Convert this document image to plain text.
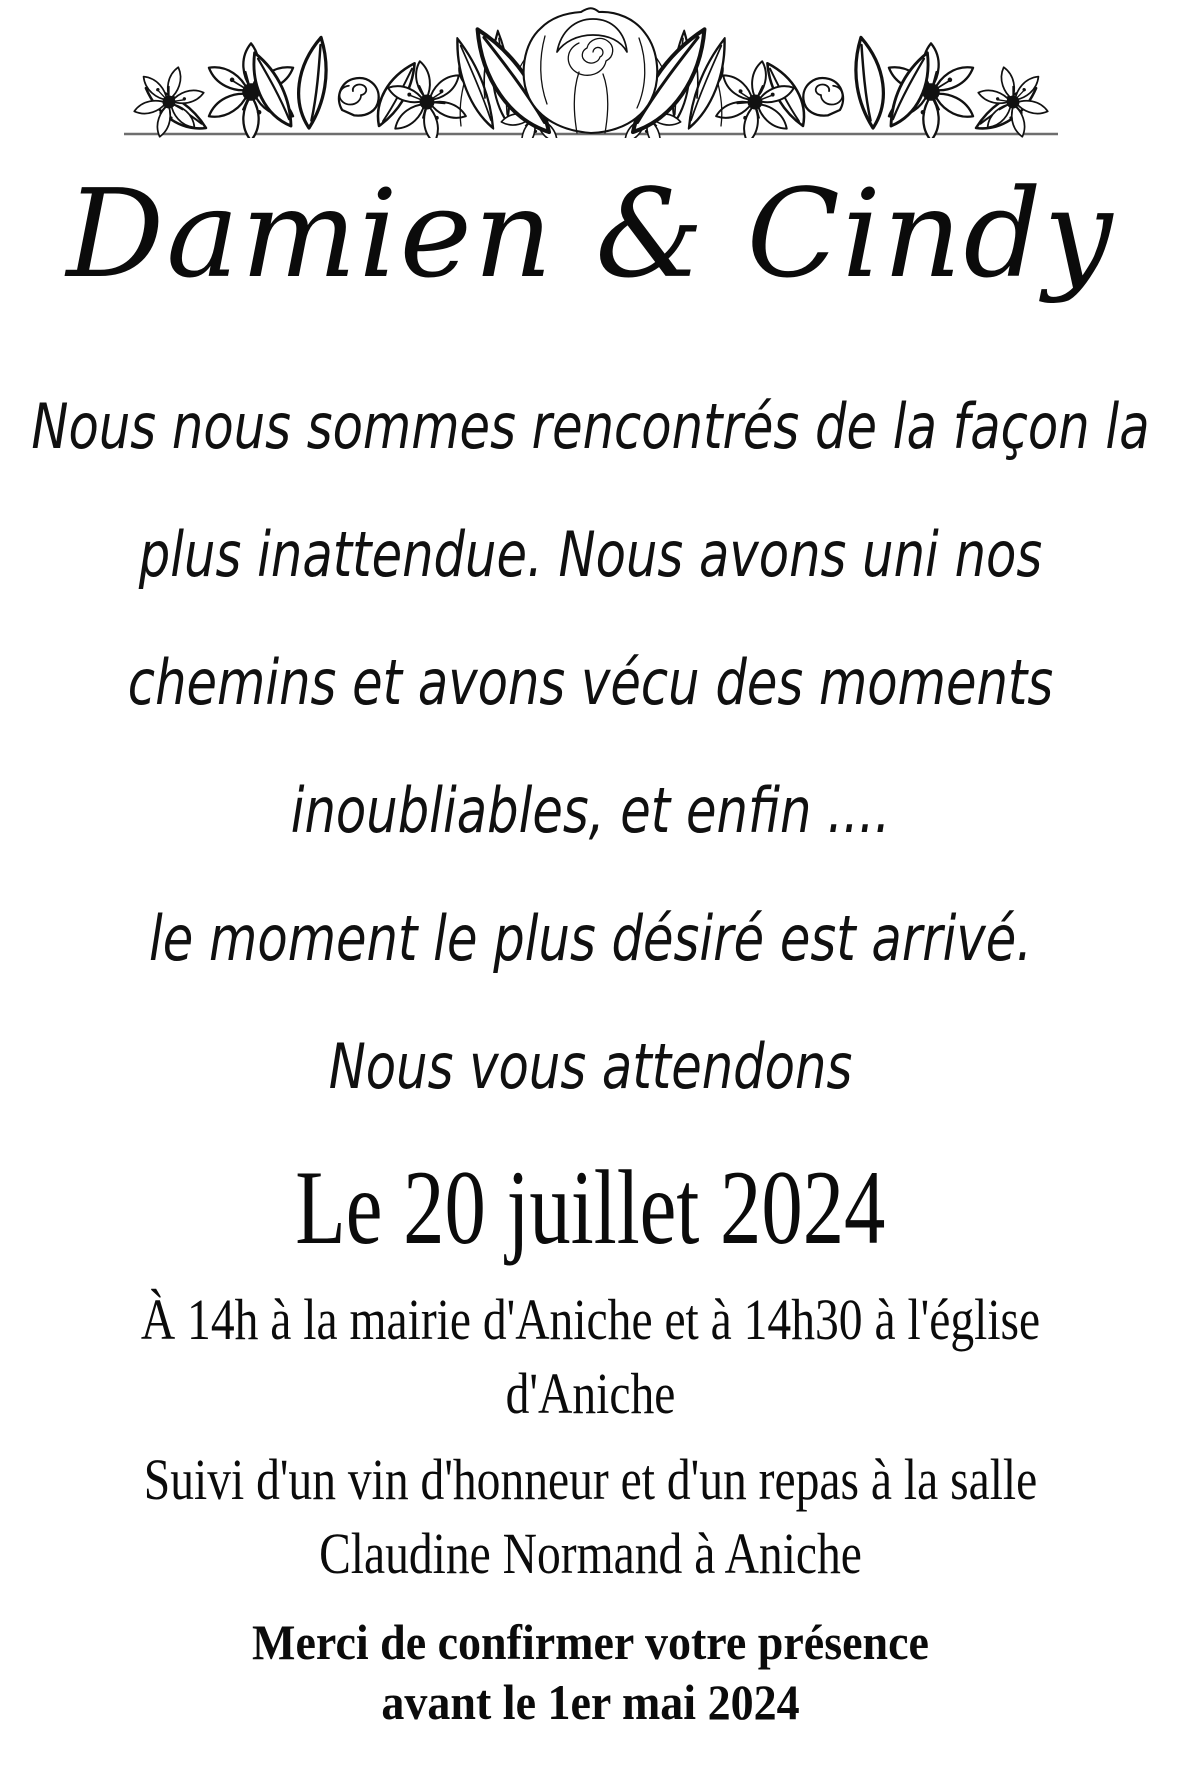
Damien & Cindy
Nous nous sommes rencontrés de la façon la
plus inattendue. Nous avons uni nos
chemins et avons vécu des moments
inoubliables, et enfin ....
le moment le plus désiré est arrivé.
Nous vous attendons
Le 20 juillet 2024
À 14h à la mairie d'Aniche et à 14h30 à l'église
d'Aniche
Suivi d'un vin d'honneur et d'un repas à la salle
Claudine Normand à Aniche
Merci de confirmer votre présence
avant le 1er mai 2024
